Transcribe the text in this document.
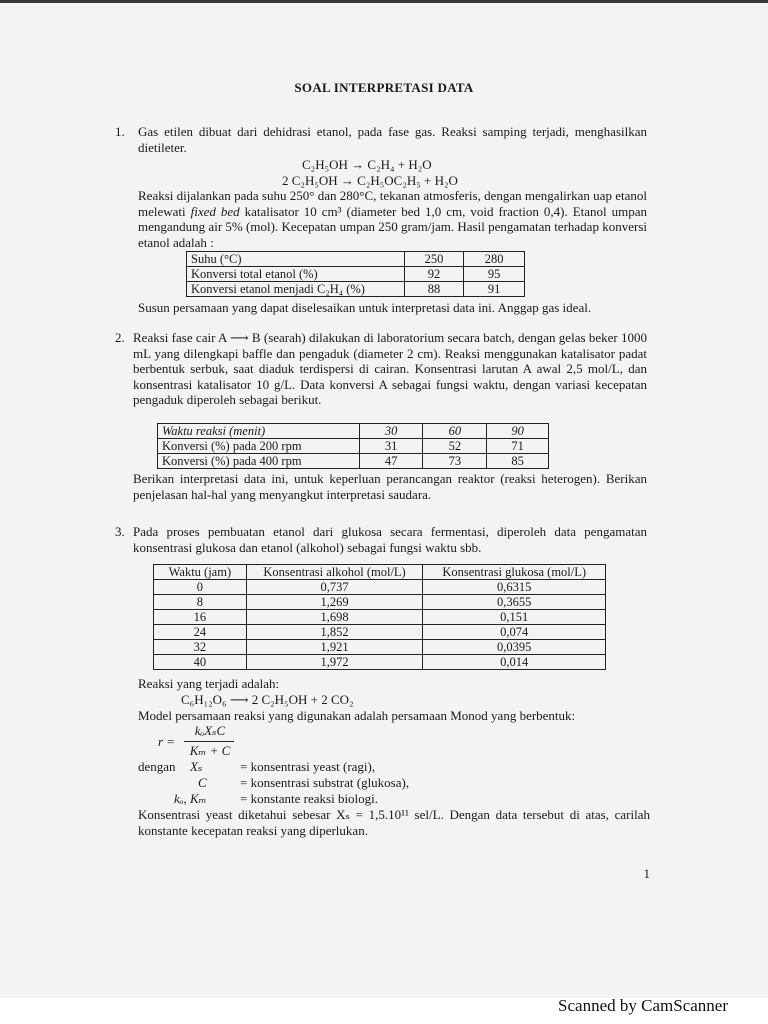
SOAL INTERPRETASI DATA
1. Gas etilen dibuat dari dehidrasi etanol, pada fase gas. Reaksi samping terjadi, menghasilkan dietileter.

C₂H₅OH → C₂H₄ + H₂O
2 C₂H₅OH → C₂H₅OC₂H₅ + H₂O

Reaksi dijalankan pada suhu 250° dan 280°C, tekanan atmosferis, dengan mengalirkan uap etanol melewati fixed bed katalisator 10 cm³ (diameter bed 1,0 cm, void fraction 0,4). Etanol umpan mengandung air 5% (mol). Kecepatan umpan 250 gram/jam. Hasil pengamatan terhadap konversi etanol adalah :

Suhu (°C)	250	280
Konversi total etanol (%)	92	95
Konversi etanol menjadi C₂H₄ (%)	88	91

Susun persamaan yang dapat diselesaikan untuk interpretasi data ini. Anggap gas ideal.

2. Reaksi fase cair A ⟶ B (searah) dilakukan di laboratorium secara batch, dengan gelas beker 1000 mL yang dilengkapi baffle dan pengaduk (diameter 2 cm). Reaksi menggunakan katalisator padat berbentuk serbuk, saat diaduk terdispersi di cairan. Konsentrasi larutan A awal 2,5 mol/L, dan konsentrasi katalisator 10 g/L. Data konversi A sebagai fungsi waktu, dengan variasi kecepatan pengaduk diperoleh sebagai berikut.

Waktu reaksi (menit)	30	60	90
Konversi (%) pada 200 rpm	31	52	71
Konversi (%) pada 400 rpm	47	73	85

Berikan interpretasi data ini, untuk keperluan perancangan reaktor (reaksi heterogen). Berikan penjelasan hal-hal yang menyangkut interpretasi saudara.

3. Pada proses pembuatan etanol dari glukosa secara fermentasi, diperoleh data pengamatan konsentrasi glukosa dan etanol (alkohol) sebagai fungsi waktu sbb.

Waktu (jam)	Konsentrasi alkohol (mol/L)	Konsentrasi glukosa (mol/L)
0	0,737	0,6315
8	1,269	0,3655
16	1,698	0,151
24	1,852	0,074
32	1,921	0,0395
40	1,972	0,014
Reaksi yang terjadi adalah:
C₆H₁₂O₆ ⟶ 2 C₂H₅OH + 2 CO₂

Model persamaan reaksi yang digunakan adalah persamaan Monod yang berbentuk:

r =
kₒXₛC
Kₘ + C
dengan Xₛ	= konsentrasi yeast (ragi),
C	= konsentrasi substrat (glukosa),
kₒ, Kₘ	= konstante reaksi biologi.

Konsentrasi yeast diketahui sebesar Xₛ = 1,5.10¹¹ sel/L. Dengan data tersebut di atas, carilah konstante kecepatan reaksi yang diperlukan.

1
Scanned by CamScanner
